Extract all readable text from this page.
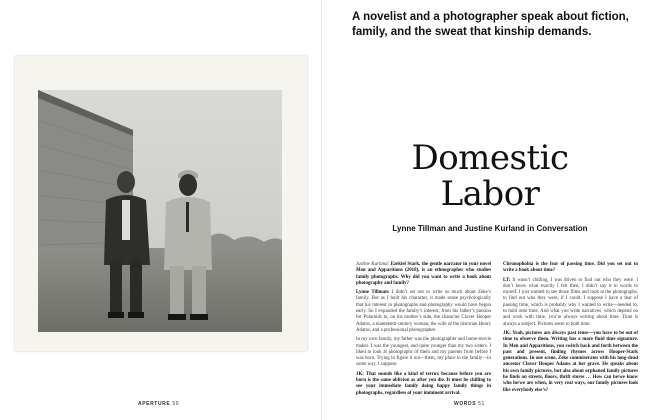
APERTURE 50

A novelist and a photographer speak about fiction, family, and the sweat that kinship demands.

Domestic
Labor

Lynne Tillman and Justine Kurland in Conversation

Justine Kurland: Ezekiel Stark, the gentle narrator in your novel Men and Apparitions (2018), is an ethnographer who studies family photographs. Why did you want to write a book about photography and family?

Lynne Tillman: I didn’t set out to write so much about Zeke’s family. But as I built his character, it made sense psychologically that his interest in photographs and photography would have begun early. So I expanded the family’s interest, from his father’s passion for Polaroids to, on his mother’s side, the character Clover Hooper Adams, a nineteenth-century woman, the wife of the historian Henry Adams, and a professional photographer.

In my own family, my father was the photographer and home-movie maker. I was the youngest, and quite younger than my two sisters. I liked to look at photographs of them and my parents from before I was born. Trying to figure it out—them, my place in the family—in some way, I suppose.

JK: That sounds like a kind of terror, because before you are born is the same oblivion as after you die. It must be chilling to see your immediate family doing happy family things in photographs, regardless of your imminent arrival.

Chronophobia is the fear of passing time. Did you set out to write a book about time?

LT: It wasn’t chilling, I was driven to find out who they were. I don’t know what exactly I felt then; I didn’t say it in words to myself. I just wanted to see those films and look at the photographs, to find out who they were, if I could. I suppose I have a fear of passing time, which is probably why I wanted to write—needed to, to hold onto time. And what you write narratives, which depend on and work with time, you’re always writing about time. Time is always a subject. Pictures seem to hold time.

JK: Yeah, pictures are always past tense—you have to be out of time to observe them. Writing has a more fluid time signature. In Men and Apparitions, you switch back and forth between the past and present, finding rhymes across Hooper-Stark generations. In one scene, Zeke commiserates with his long-dead ancestor Clover Hooper Adams at her grave. He speaks about his own family pictures, but also about orphaned family pictures he finds on streets, floors, thrift stores … How can he/we know who he/we are when, in very real ways, our family pictures look like everybody else’s?

WORDS 51
